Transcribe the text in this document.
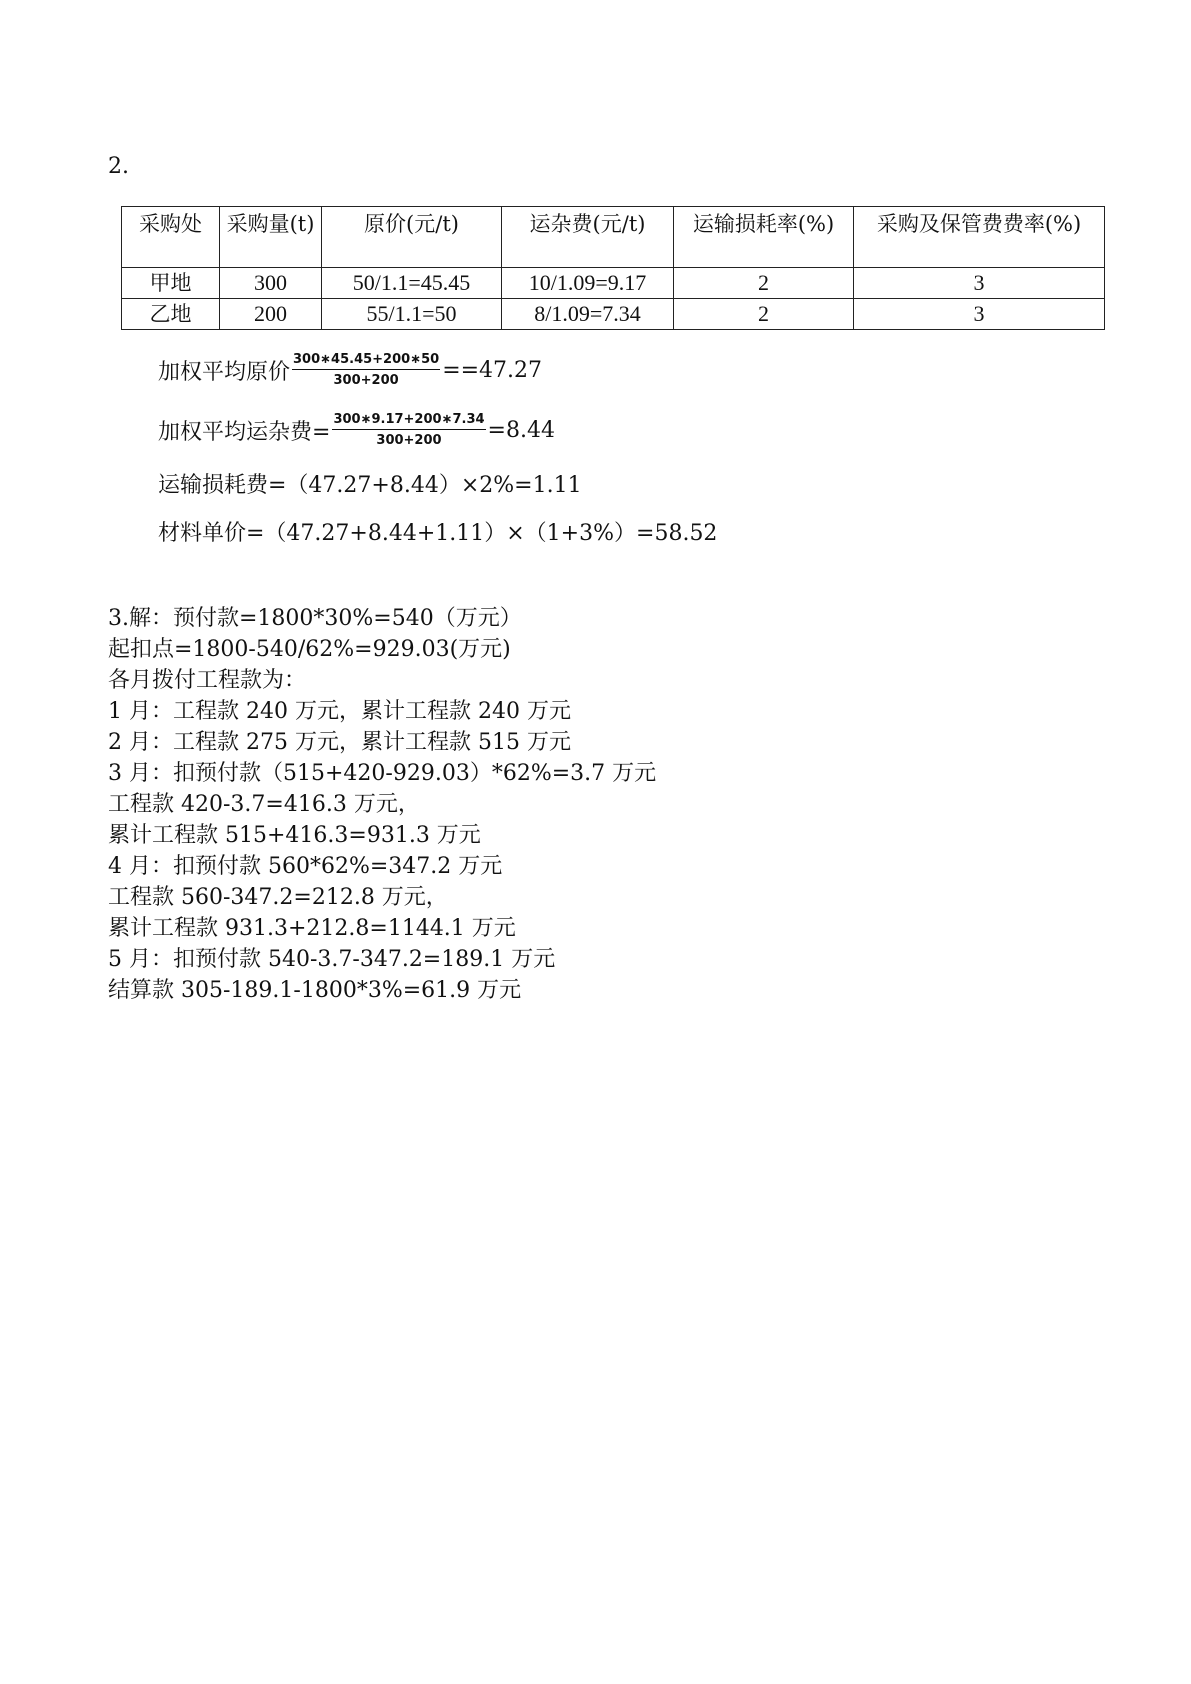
2.
采购处	采购量(t)	原价(元/t)	运杂费(元/t)	运输损耗率(%)	采购及保管费费率(%)
甲地	300	50/1.1=45.45	10/1.09=9.17	2	3
乙地	200	55/1.1=50	8/1.09=7.34	2	3
加权平均原价 $\frac{300∗45.45+200∗50}{300+200} ==47.27$
加权平均运杂费= $\frac{300∗9.17+200∗7.34}{300+200} =8.44$
运输损耗费=（47.27+8.44）×2%=1.11
材料单价=（47.27+8.44+1.11）×（1+3%）=58.52
3.解：预付款=1800*30%=540（万元）
起扣点=1800-540/62%=929.03(万元)
各月拨付工程款为：
1 月：工程款 240 万元，累计工程款 240 万元
2 月：工程款 275 万元，累计工程款 515 万元
3 月：扣预付款（515+420-929.03）*62%=3.7 万元
工程款 420-3.7=416.3 万元，
累计工程款 515+416.3=931.3 万元
4 月：扣预付款 560*62%=347.2 万元
工程款 560-347.2=212.8 万元，
累计工程款 931.3+212.8=1144.1 万元
5 月：扣预付款 540-3.7-347.2=189.1 万元
结算款 305-189.1-1800*3%=61.9 万元
